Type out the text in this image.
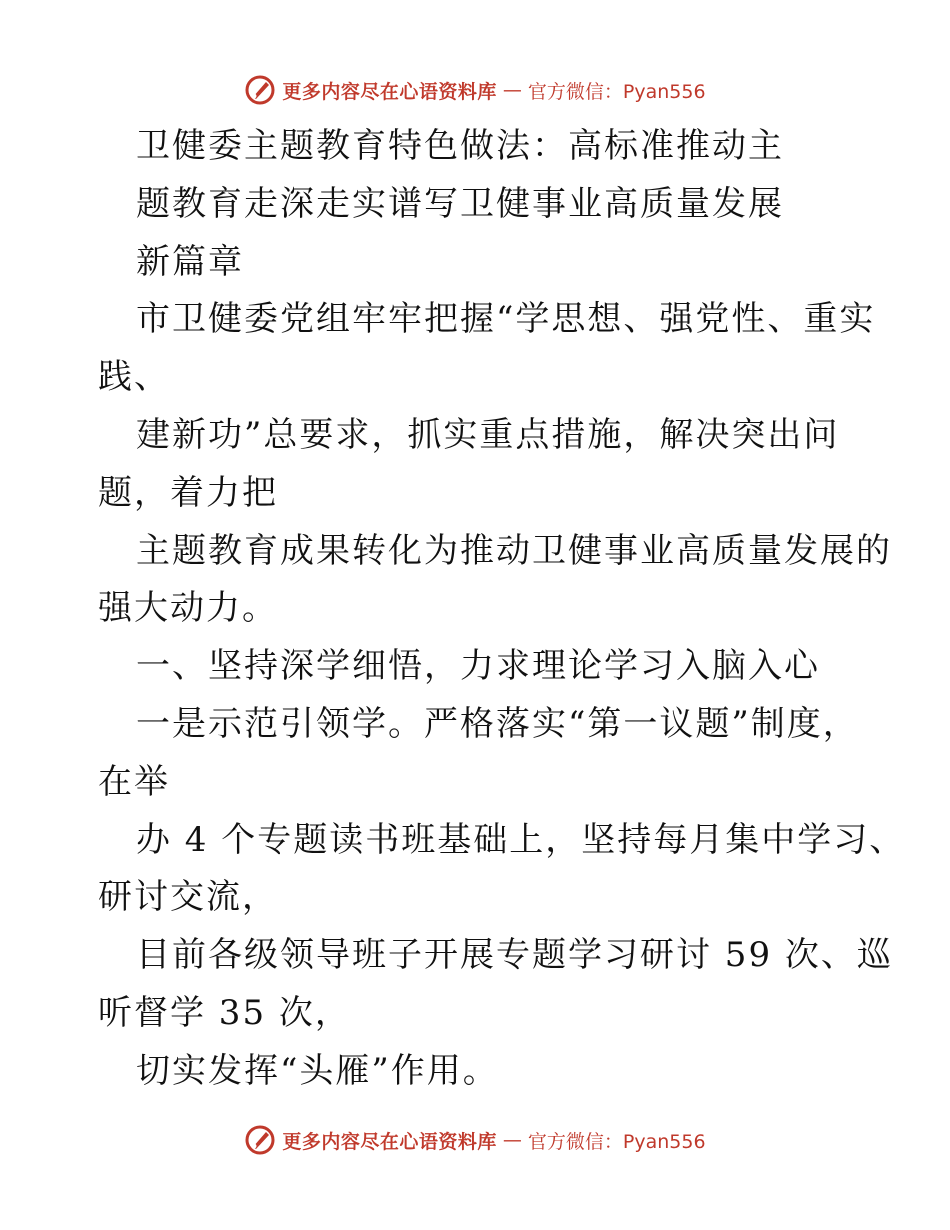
更多内容尽在心语资料库 — 官方微信：Pyan556
卫健委主题教育特色做法：高标准推动主
题教育走深走实谱写卫健事业高质量发展
新篇章
市卫健委党组牢牢把握“学思想、强党性、重实
践、
建新功”总要求，抓实重点措施，解决突出问
题，着力把
主题教育成果转化为推动卫健事业高质量发展的
强大动力。
一、坚持深学细悟，力求理论学习入脑入心
一是示范引领学。严格落实“第一议题”制度，
在举
办 4 个专题读书班基础上，坚持每月集中学习、
研讨交流，
目前各级领导班子开展专题学习研讨 59 次、巡
听督学 35 次，
切实发挥“头雁”作用。
更多内容尽在心语资料库 — 官方微信：Pyan556
